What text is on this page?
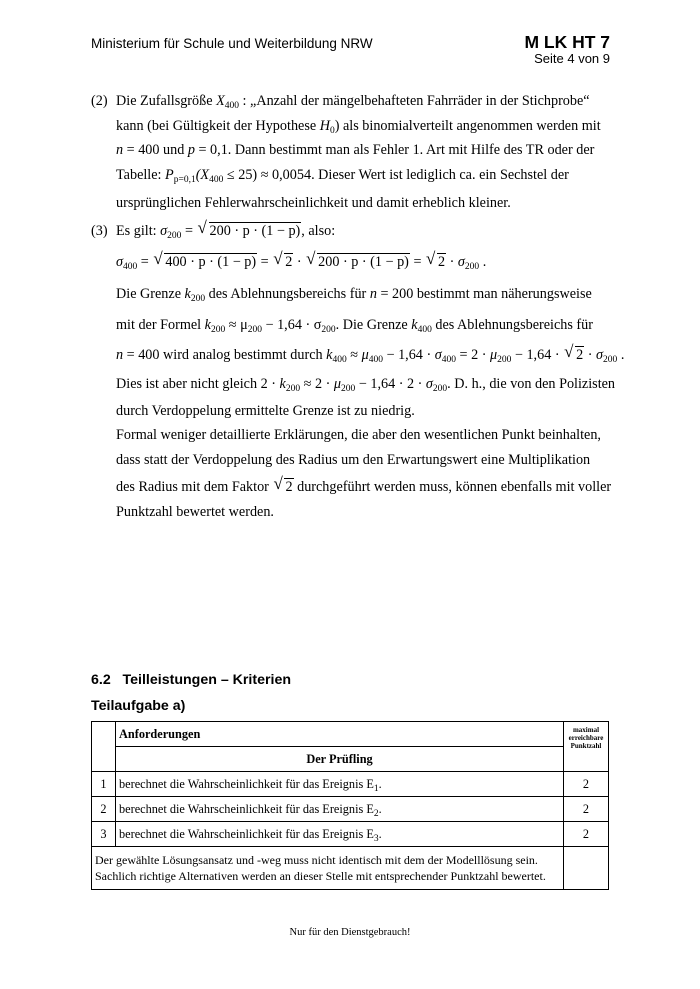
Ministerium für Schule und Weiterbildung NRW	M LK HT 7
Seite 4 von 9
(2) Die Zufallsgröße $X_{400}$ : „Anzahl der mängelbehafteten Fahrräder in der Stichprobe“
kann (bei Gültigkeit der Hypothese $H_0$) als binomialverteilt angenommen werden mit
n = 400 und p = 0,1. Dann bestimmt man als Fehler 1. Art mit Hilfe des TR oder der
Tabelle: $P_{p=0,1}(X_{400} \le 25) \approx 0,0054$. Dieser Wert ist lediglich ca. ein Sechstel der
ursprünglichen Fehlerwahrscheinlichkeit und damit erheblich kleiner.
(3) Es gilt: $\sigma_{200}$ = √ 200 · p · (1 − p), also:
$\sigma_{400}$ = √ 400 · p · (1 − p) = √ 2 · √ 200 · p · (1 − p) = √ $2 \cdot \sigma_{200}$ .
Die Grenze $k_{200}$ des Ablehnungsbereichs für n = 200 bestimmt man näherungsweise
mit der Formel $k_{200} \approx \mu_{200} - 1,64 \cdot \sigma_{200}$. Die Grenze $k_{400}$ des Ablehnungsbereichs für
n = 400 wird analog bestimmt durch $k_{400} \approx \mu_{400} - 1,64 \cdot \sigma_{400} = 2 \cdot \mu_{200} - 1,64$ · √ $2 \cdot \sigma_{200}$ .
Dies ist aber nicht gleich $2 \cdot k_{200} \approx 2 \cdot \mu_{200} - 1,64 \cdot 2 \cdot \sigma_{200}$. D. h., die von den Polizisten
durch Verdoppelung ermittelte Grenze ist zu niedrig.
Formal weniger detaillierte Erklärungen, die aber den wesentlichen Punkt beinhalten,
dass statt der Verdoppelung des Radius um den Erwartungswert eine Multiplikation
des Radius mit dem Faktor √ 2 durchgeführt werden muss, können ebenfalls mit voller
Punktzahl bewertet werden.
6.2   Teilleistungen – Kriterien
Teilaufgabe a)
	Anforderungen	maximal erreichbare Punktzahl
	Der Prüfling	
1	berechnet die Wahrscheinlichkeit für das Ereignis $E_1$.	2
2	berechnet die Wahrscheinlichkeit für das Ereignis $E_2$.	2
3	berechnet die Wahrscheinlichkeit für das Ereignis $E_3$.	2
Der gewählte Lösungsansatz und -weg muss nicht identisch mit dem der Modelllösung sein.
Sachlich richtige Alternativen werden an dieser Stelle mit entsprechender Punktzahl bewertet.		
Nur für den Dienstgebrauch!
